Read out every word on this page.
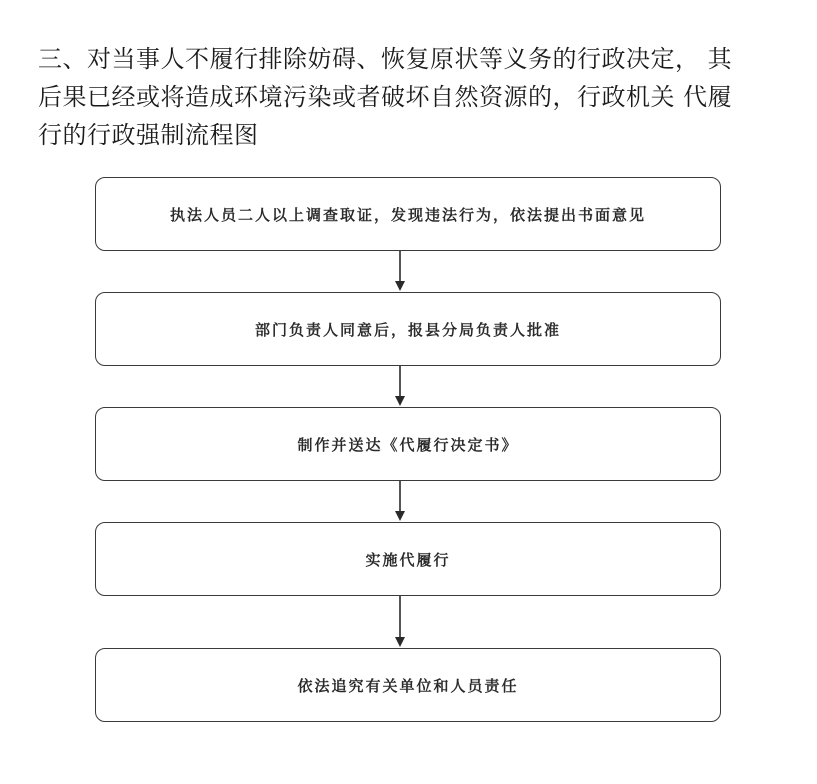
三、对当事人不履行排除妨碍、恢复原状等义务的行政决定， 其
后果已经或将造成环境污染或者破坏自然资源的，行政机关 代履
行的行政强制流程图
执法人员二人以上调查取证，发现违法行为，依法提出书面意见
部门负责人同意后，报县分局负责人批准
制作并送达《代履行决定书》
实施代履行
依法追究有关单位和人员责任
